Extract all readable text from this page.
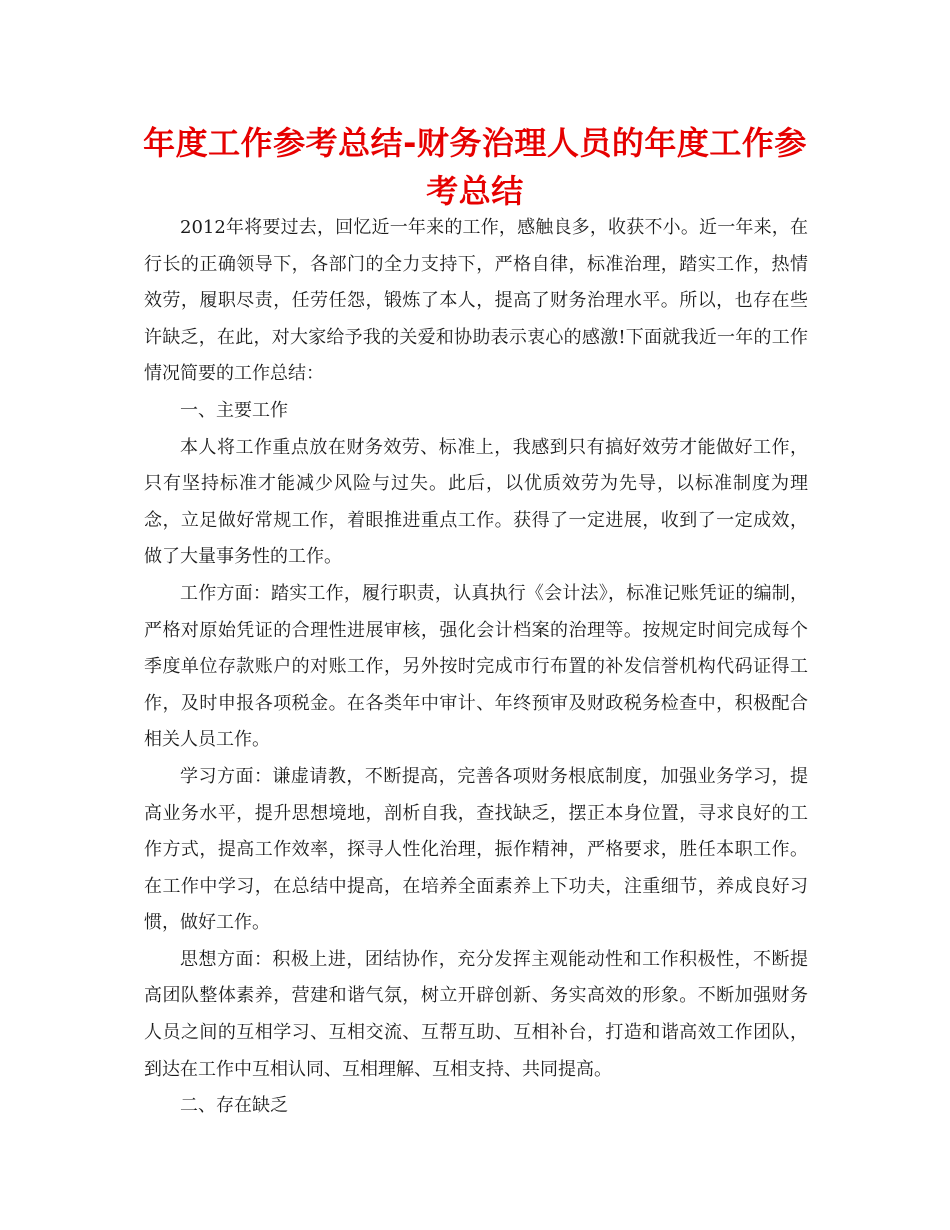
年度工作参考总结-财务治理人员的年度工作参考总结

2012年将要过去，回忆近一年来的工作，感触良多，收获不小。近一年来，在行长的正确领导下，各部门的全力支持下，严格自律，标准治理，踏实工作，热情效劳，履职尽责，任劳任怨，锻炼了本人，提高了财务治理水平。所以，也存在些许缺乏，在此，对大家给予我的关爱和协助表示衷心的感激!下面就我近一年的工作情况简要的工作总结：

一、主要工作

本人将工作重点放在财务效劳、标准上，我感到只有搞好效劳才能做好工作，只有坚持标准才能减少风险与过失。此后，以优质效劳为先导，以标准制度为理念，立足做好常规工作，着眼推进重点工作。获得了一定进展，收到了一定成效，做了大量事务性的工作。

工作方面：踏实工作，履行职责，认真执行《会计法》，标准记账凭证的编制，严格对原始凭证的合理性进展审核，强化会计档案的治理等。按规定时间完成每个季度单位存款账户的对账工作，另外按时完成市行布置的补发信誉机构代码证得工作，及时申报各项税金。在各类年中审计、年终预审及财政税务检查中，积极配合相关人员工作。

学习方面：谦虚请教，不断提高，完善各项财务根底制度，加强业务学习，提高业务水平，提升思想境地，剖析自我，查找缺乏，摆正本身位置，寻求良好的工作方式，提高工作效率，探寻人性化治理，振作精神，严格要求，胜任本职工作。在工作中学习，在总结中提高，在培养全面素养上下功夫，注重细节，养成良好习惯，做好工作。

思想方面：积极上进，团结协作，充分发挥主观能动性和工作积极性，不断提高团队整体素养，营建和谐气氛，树立开辟创新、务实高效的形象。不断加强财务人员之间的互相学习、互相交流、互帮互助、互相补台，打造和谐高效工作团队，到达在工作中互相认同、互相理解、互相支持、共同提高。

二、存在缺乏
